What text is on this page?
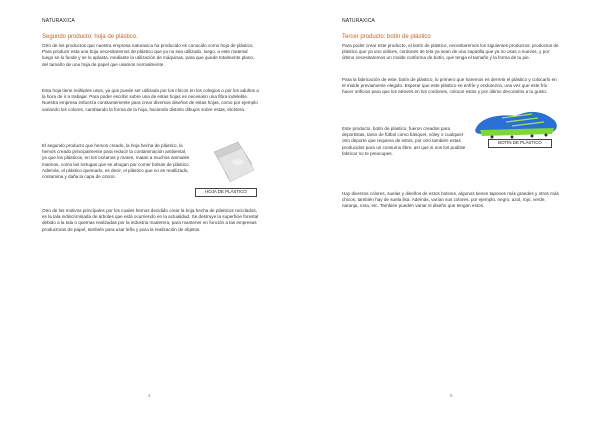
NATURAXICA
Segundo producto: hoja de plástico.

Otro de los productos que nuestra empresa naturaxica ha producido es conocido como hoja de plástico, Para producir esta una hoja necesitaremos de plástico que ya no sea utilizado, luego, a este material luego se lo funde y se lo aplasta, mediante la utilización de máquinas, para que quede totalmente plano, del tamaño de una hoja de papel que usamos normalmente .

Esta hoja tiene múltiples usos, ya que puede ser utilizada por los chicos en los colegios o por los adultos a la hora de ir a trabajar. Para poder escribir sobre una de estas hojas es necesario una fibra indeleble. Nuestra empresa esfuerza constantemente para crear diversos diseños de estas hojas, como por ejemplo variando los colores, cambiando la forma de la hoja, haciendo distinto dibujos sobre estas, etcétera.

El segundo producto que hemos creado, la hoja hecha de plástico, la hemos creado principalmente para reducir la contaminación ambiental, ya que los plásticos, en los océanos y mares, matan a muchos animales marinos, como las tortugas que se ahogan por comer bolsas de plástico. Además, el plástico quemado, es decir, el plástico que no es reutilizado, contamina y daña la capa de ozono.

HOJA DE PLÁSTICO

Otro de los motivos principales por los cuales hemos decidido crear la hoja hecha de plásticos reciclados, es la tala indiscriminada de árboles que está ocurriendo en la actualidad. Se destruye la superficie forestal debido a la tala o quemas realizadas por la industria maderera, para mantener en función a las empresas productoras de papel, también para usar leña y para la realización de objetos.

4
NATURAXICA
Tercer producto: botín de plástico

Para poder crear este producto, el botín de plástico, necesitaremos los siguientes productos: productos de plástico que ya uno utilices, cordones de tela ya sean de una zapatilla que ya no usas o nuevos, y por último necesitaremos un molde conforma de botín, que tenga el tamaño y la forma de tu pie.

Para la fabricación de este, botín de plástico, lo primero que haremos es derretir el plástico y colocarlo en el molde previamente elegido. Esperar que este plástico se enfríe y endurezca, una vez que este frío hacer orificios para que los atreves en los cordones, colocar estos y por último decorarlos a tu gusto.

BOTÍN DE PLÁSTICO

Este producto, botín de plástico, fueron creados para deportistas, tanto de fútbol como básquet, vóley o cualquier otro deporte que requiera de estos, por otro también estas producidos para un consumo libre, así que si nos los pudiste fabricar no te preocupes.

Hay diversos colores, suelas y diseños de estos botines, algunos tienen tapones más grandes y otros más chicos, también hay de suela lisa. Además, varían sus colores, por ejemplo, negro, azul, rojo, verde, naranja, rosa, etc. También pueden variar el diseño que tengan estos.

5
